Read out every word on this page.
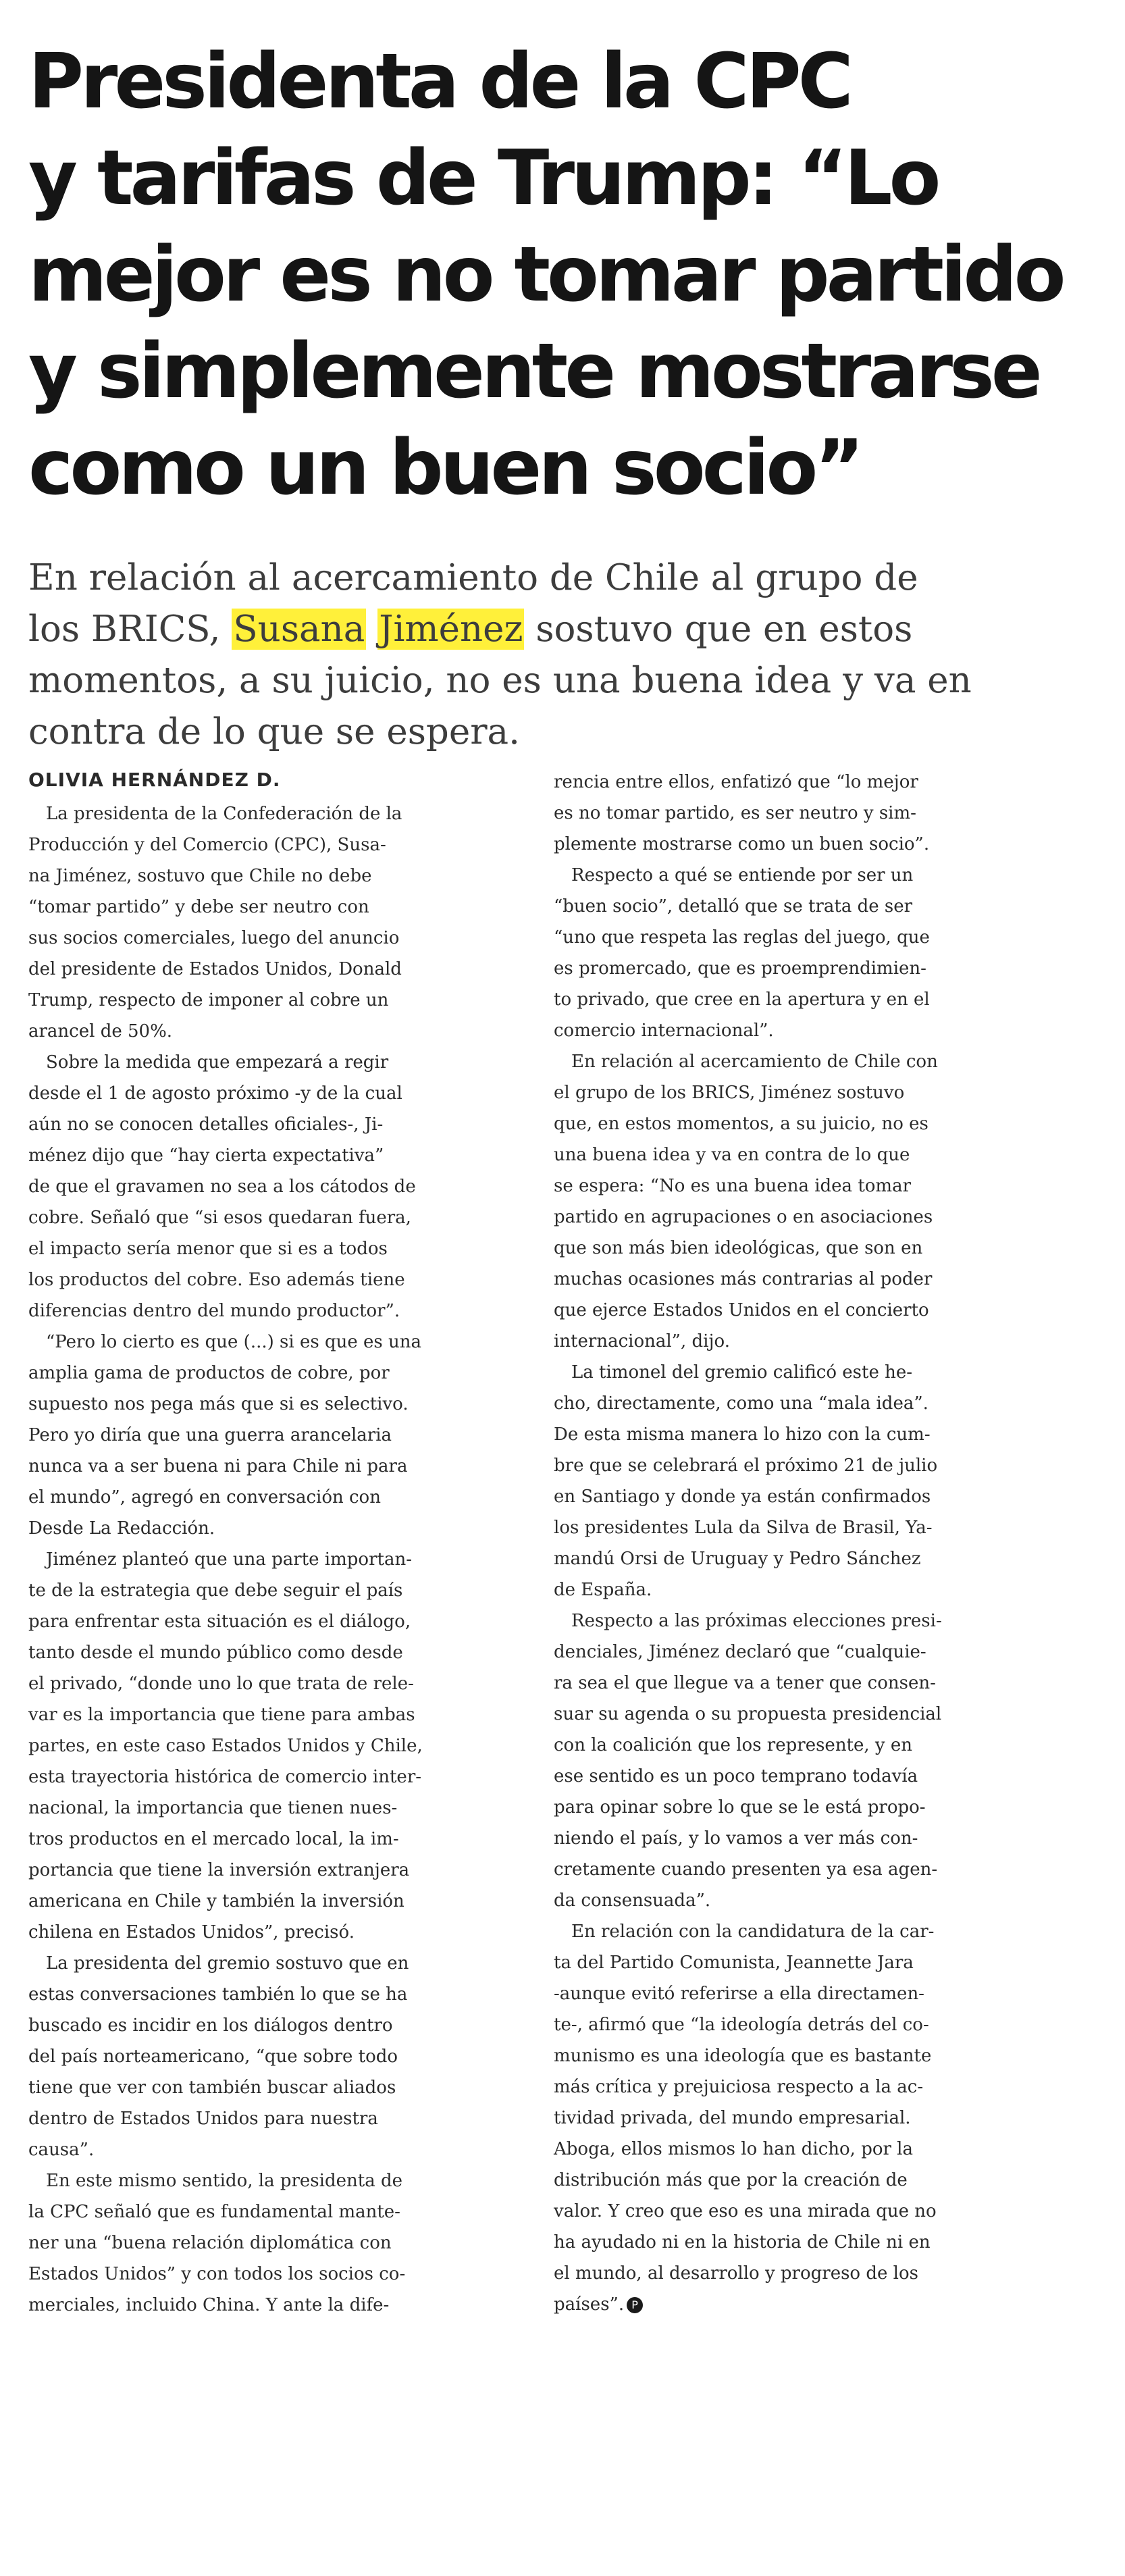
Presidenta de la CPC
y tarifas de Trump: “Lo
mejor es no tomar partido
y simplemente mostrarse
como un buen socio”

En relación al acercamiento de Chile al grupo de
los BRICS, Susana Jiménez sostuvo que en estos
momentos, a su juicio, no es una buena idea y va en
contra de lo que se espera.

OLIVIA HERNÁNDEZ D.
La presidenta de la Confederación de la
Producción y del Comercio (CPC), Susa-
na Jiménez, sostuvo que Chile no debe
“tomar partido” y debe ser neutro con
sus socios comerciales, luego del anuncio
del presidente de Estados Unidos, Donald
Trump, respecto de imponer al cobre un
arancel de 50%.
Sobre la medida que empezará a regir
desde el 1 de agosto próximo -y de la cual
aún no se conocen detalles oficiales-, Ji-
ménez dijo que “hay cierta expectativa”
de que el gravamen no sea a los cátodos de
cobre. Señaló que “si esos quedaran fuera,
el impacto sería menor que si es a todos
los productos del cobre. Eso además tiene
diferencias dentro del mundo productor”.
“Pero lo cierto es que (...) si es que es una
amplia gama de productos de cobre, por
supuesto nos pega más que si es selectivo.
Pero yo diría que una guerra arancelaria
nunca va a ser buena ni para Chile ni para
el mundo”, agregó en conversación con
Desde La Redacción.
Jiménez planteó que una parte importan-
te de la estrategia que debe seguir el país
para enfrentar esta situación es el diálogo,
tanto desde el mundo público como desde
el privado, “donde uno lo que trata de rele-
var es la importancia que tiene para ambas
partes, en este caso Estados Unidos y Chile,
esta trayectoria histórica de comercio inter-
nacional, la importancia que tienen nues-
tros productos en el mercado local, la im-
portancia que tiene la inversión extranjera
americana en Chile y también la inversión
chilena en Estados Unidos”, precisó.
La presidenta del gremio sostuvo que en
estas conversaciones también lo que se ha
buscado es incidir en los diálogos dentro
del país norteamericano, “que sobre todo
tiene que ver con también buscar aliados
dentro de Estados Unidos para nuestra
causa”.
En este mismo sentido, la presidenta de
la CPC señaló que es fundamental mante-
ner una “buena relación diplomática con
Estados Unidos” y con todos los socios co-
merciales, incluido China. Y ante la dife-
rencia entre ellos, enfatizó que “lo mejor
es no tomar partido, es ser neutro y sim-
plemente mostrarse como un buen socio”.
Respecto a qué se entiende por ser un
“buen socio”, detalló que se trata de ser
“uno que respeta las reglas del juego, que
es promercado, que es proemprendimien-
to privado, que cree en la apertura y en el
comercio internacional”.
En relación al acercamiento de Chile con
el grupo de los BRICS, Jiménez sostuvo
que, en estos momentos, a su juicio, no es
una buena idea y va en contra de lo que
se espera: “No es una buena idea tomar
partido en agrupaciones o en asociaciones
que son más bien ideológicas, que son en
muchas ocasiones más contrarias al poder
que ejerce Estados Unidos en el concierto
internacional”, dijo.
La timonel del gremio calificó este he-
cho, directamente, como una “mala idea”.
De esta misma manera lo hizo con la cum-
bre que se celebrará el próximo 21 de julio
en Santiago y donde ya están confirmados
los presidentes Lula da Silva de Brasil, Ya-
mandú Orsi de Uruguay y Pedro Sánchez
de España.
Respecto a las próximas elecciones presi-
denciales, Jiménez declaró que “cualquie-
ra sea el que llegue va a tener que consen-
suar su agenda o su propuesta presidencial
con la coalición que los represente, y en
ese sentido es un poco temprano todavía
para opinar sobre lo que se le está propo-
niendo el país, y lo vamos a ver más con-
cretamente cuando presenten ya esa agen-
da consensuada”.
En relación con la candidatura de la car-
ta del Partido Comunista, Jeannette Jara
-aunque evitó referirse a ella directamen-
te-, afirmó que “la ideología detrás del co-
munismo es una ideología que es bastante
más crítica y prejuiciosa respecto a la ac-
tividad privada, del mundo empresarial.
Aboga, ellos mismos lo han dicho, por la
distribución más que por la creación de
valor. Y creo que eso es una mirada que no
ha ayudado ni en la historia de Chile ni en
el mundo, al desarrollo y progreso de los
países”. P
